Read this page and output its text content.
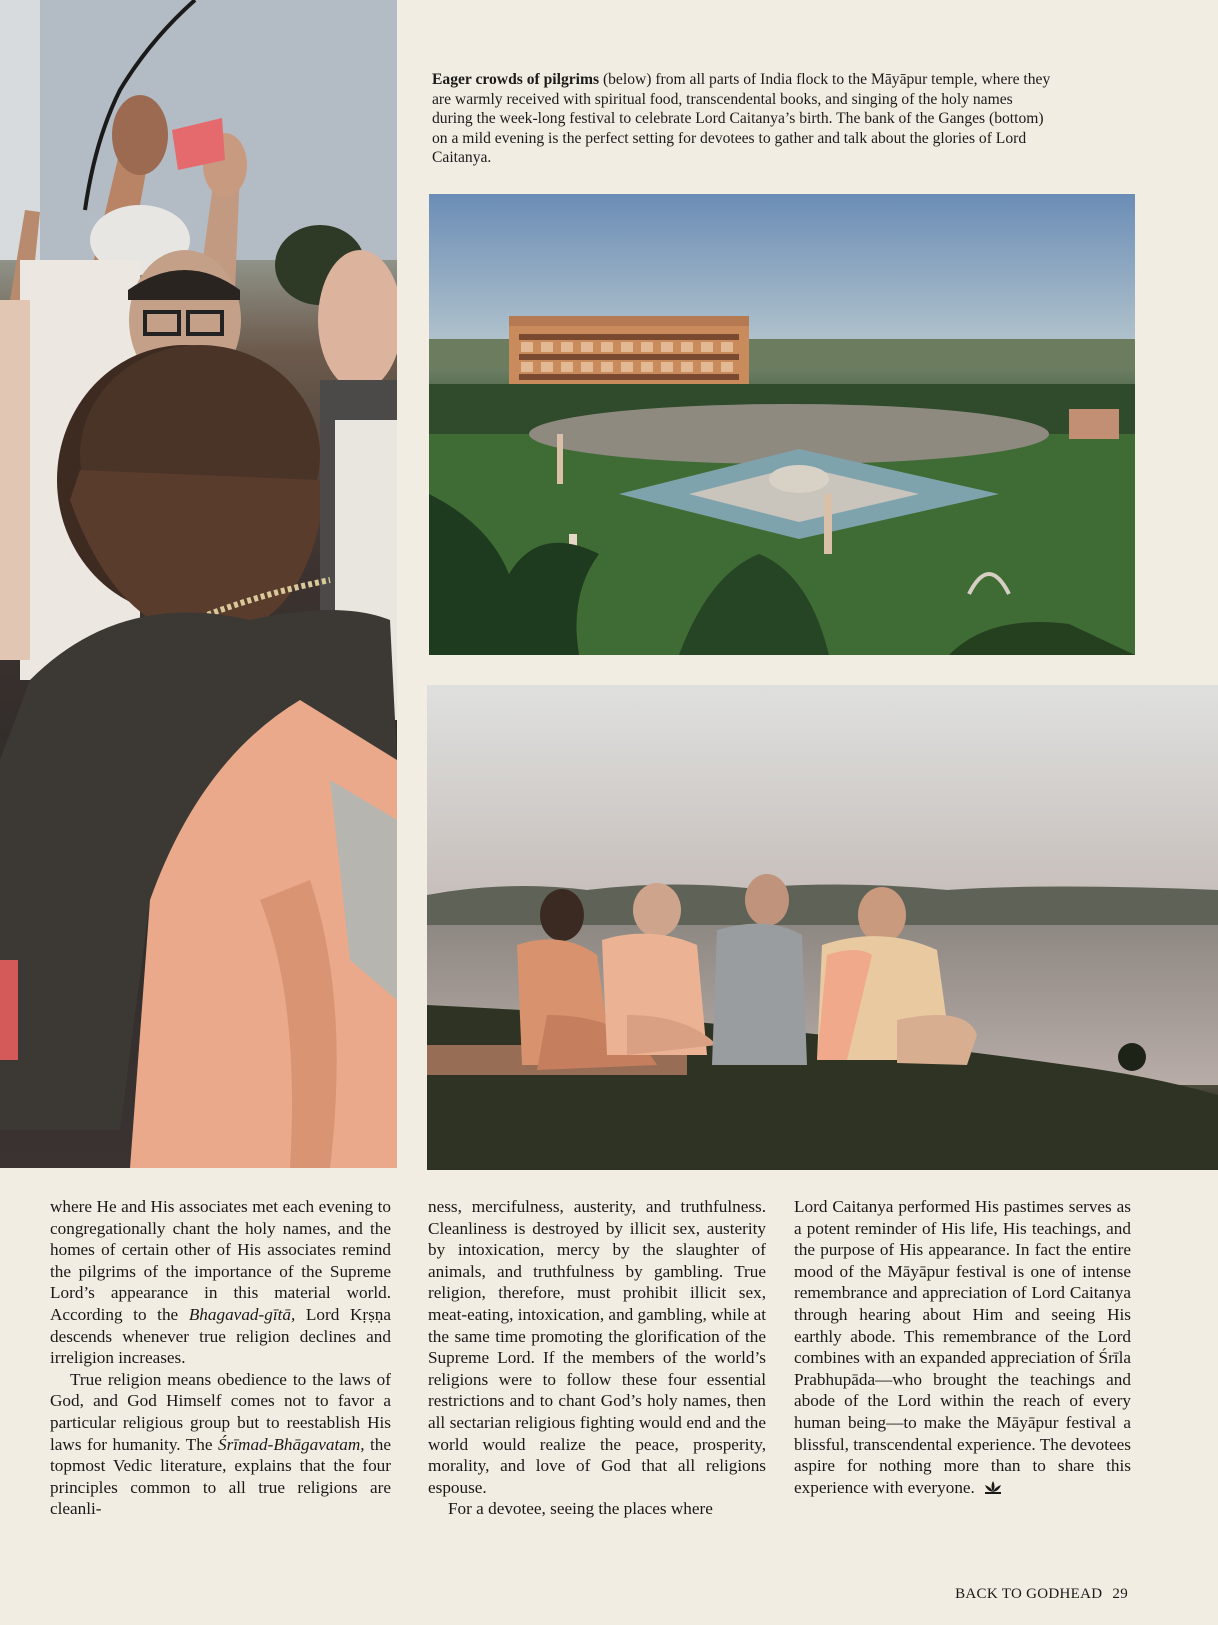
Eager crowds of pilgrims (below) from all parts of India flock to the Māyāpur temple, where they are warmly received with spiritual food, transcendental books, and singing of the holy names during the week-long festival to celebrate Lord Caitanya’s birth. The bank of the Ganges (bottom) on a mild evening is the perfect setting for devotees to gather and talk about the glories of Lord Caitanya.

where He and His associates met each evening to congregationally chant the holy names, and the homes of certain other of His associates remind the pilgrims of the importance of the Supreme Lord’s appearance in this material world. According to the Bhagavad-gītā, Lord Kṛṣṇa descends whenever true religion declines and irreligion increases.

True religion means obedience to the laws of God, and God Himself comes not to favor a particular religious group but to reestablish His laws for humanity. The Śrīmad-Bhāgavatam, the topmost Vedic literature, explains that the four principles common to all true religions are cleanli-

ness, mercifulness, austerity, and truthfulness. Cleanliness is destroyed by illicit sex, austerity by intoxication, mercy by the slaughter of animals, and truthfulness by gambling. True religion, therefore, must prohibit illicit sex, meat-eating, intoxication, and gambling, while at the same time promoting the glorification of the Supreme Lord. If the members of the world’s religions were to follow these four essential restrictions and to chant God’s holy names, then all sectarian religious fighting would end and the world would realize the peace, prosperity, morality, and love of God that all religions espouse.

For a devotee, seeing the places where

Lord Caitanya performed His pastimes serves as a potent reminder of His life, His teachings, and the purpose of His appearance. In fact the entire mood of the Māyāpur festival is one of intense remembrance and appreciation of Lord Caitanya through hearing about Him and seeing His earthly abode. This remembrance of the Lord combines with an expanded appreciation of Śrīla Prabhupāda—who brought the teachings and abode of the Lord within the reach of every human being—to make the Māyāpur festival a blissful, transcendental experience. The devotees aspire for nothing more than to share this experience with everyone.

BACK TO GODHEAD 29
